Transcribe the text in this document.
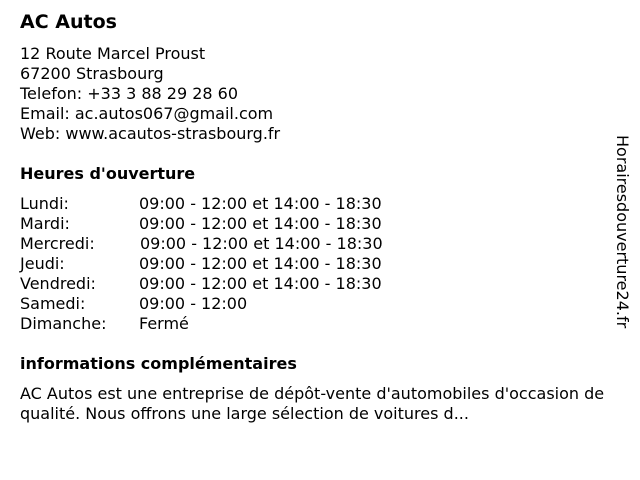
AC Autos
12 Route Marcel Proust
67200 Strasbourg
Telefon: +33 3 88 29 28 60
Email: ac.autos067@gmail.com
Web: www.acautos-strasbourg.fr
Heures d'ouverture
Lundi:	09:00 - 12:00 et 14:00 - 18:30
Mardi:	09:00 - 12:00 et 14:00 - 18:30
Mercredi:	09:00 - 12:00 et 14:00 - 18:30
Jeudi:	09:00 - 12:00 et 14:00 - 18:30
Vendredi:	09:00 - 12:00 et 14:00 - 18:30
Samedi:	09:00 - 12:00
Dimanche: Fermé
informations complémentaires
AC Autos est une entreprise de dépôt-vente d'automobiles d'occasion de qualité. Nous offrons une large sélection de voitures d...
Horairesdouverture24.fr
